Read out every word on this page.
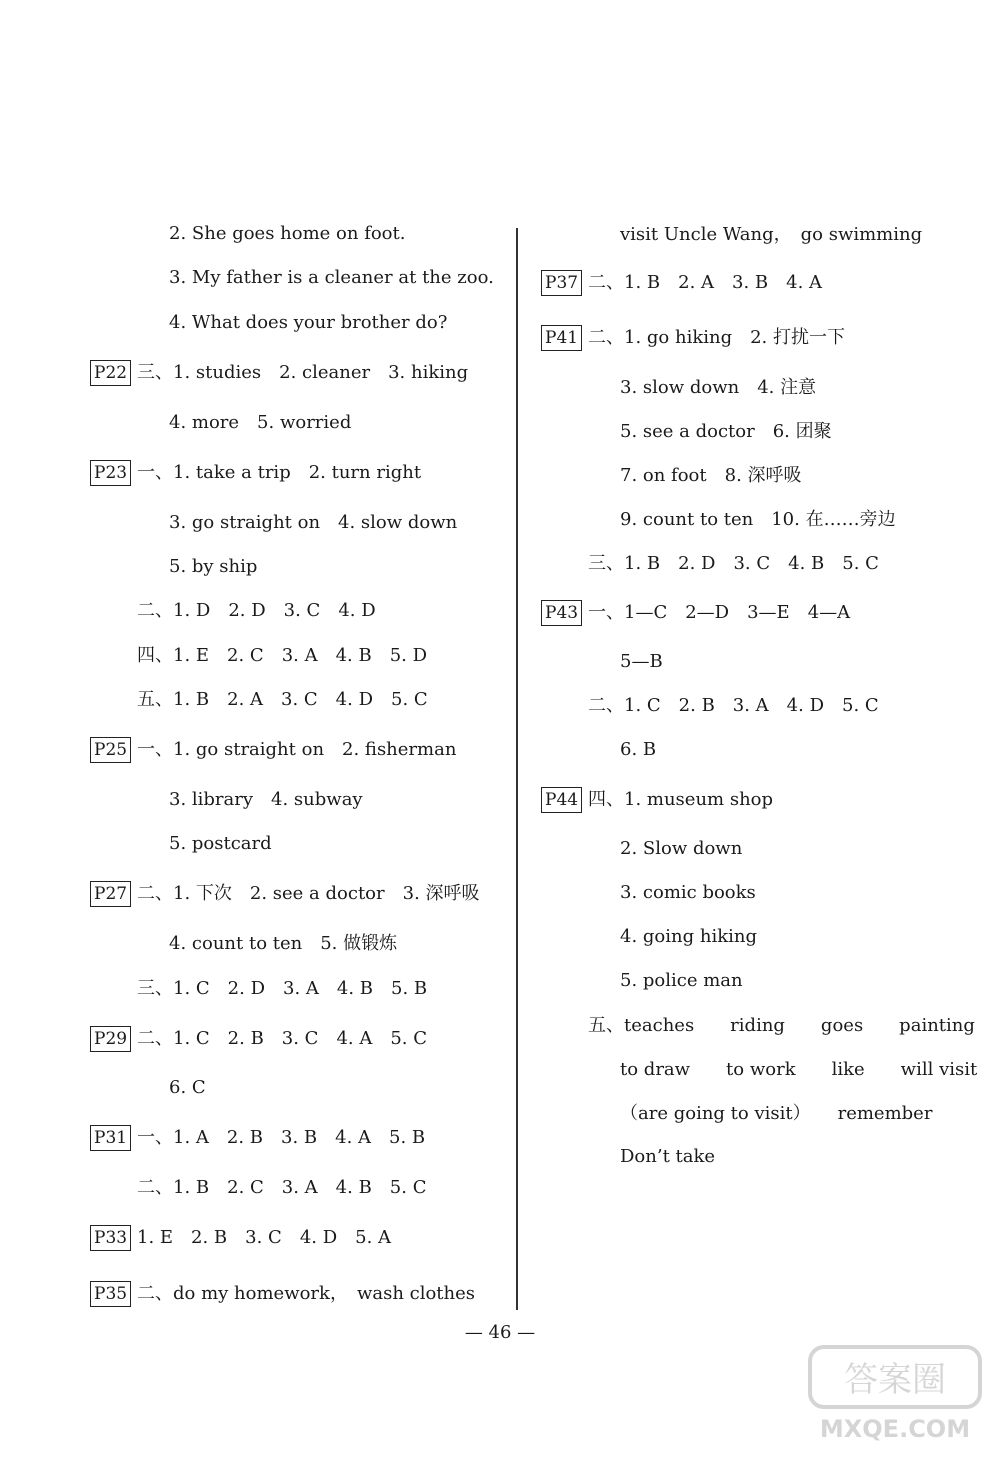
2. She goes home on foot.
3. My father is a cleaner at the zoo.
4. What does your brother do?
P22 三、1. studies　2. cleaner　3. hiking
4. more　5. worried
P23 一、1. take a trip　2. turn right
3. go straight on　4. slow down
5. by ship
二、1. D　2. D　3. C　4. D
四、1. E　2. C　3. A　4. B　5. D
五、1. B　2. A　3. C　4. D　5. C
P25 一、1. go straight on　2. fisherman
3. library　4. subway
5. postcard
P27 二、1. 下次　2. see a doctor　3. 深呼吸
4. count to ten　5. 做锻炼
三、1. C　2. D　3. A　4. B　5. B
P29 二、1. C　2. B　3. C　4. A　5. C
6. C
P31 一、1. A　2. B　3. B　4. A　5. B
二、1. B　2. C　3. A　4. B　5. C
P33 1. E　2. B　3. C　4. D　5. A
P35 二、do my homework，　wash clothes
visit Uncle Wang，　go swimming
P37 二、1. B　2. A　3. B　4. A
P41 二、1. go hiking　2. 打扰一下
3. slow down　4. 注意
5. see a doctor　6. 团聚
7. on foot　8. 深呼吸
9. count to ten　10. 在……旁边
三、1. B　2. D　3. C　4. B　5. C
P43 一、1—C　2—D　3—E　4—A
5—B
二、1. C　2. B　3. A　4. D　5. C
6. B
P44 四、1. museum shop
2. Slow down
3. comic books
4. going hiking
5. police man
五、teaches　　riding　　goes　　painting
to draw　　to work　　like　　will visit
（are going to visit）　　remember
Don’t take
— 46 —
答案圈
MXQE.COM
